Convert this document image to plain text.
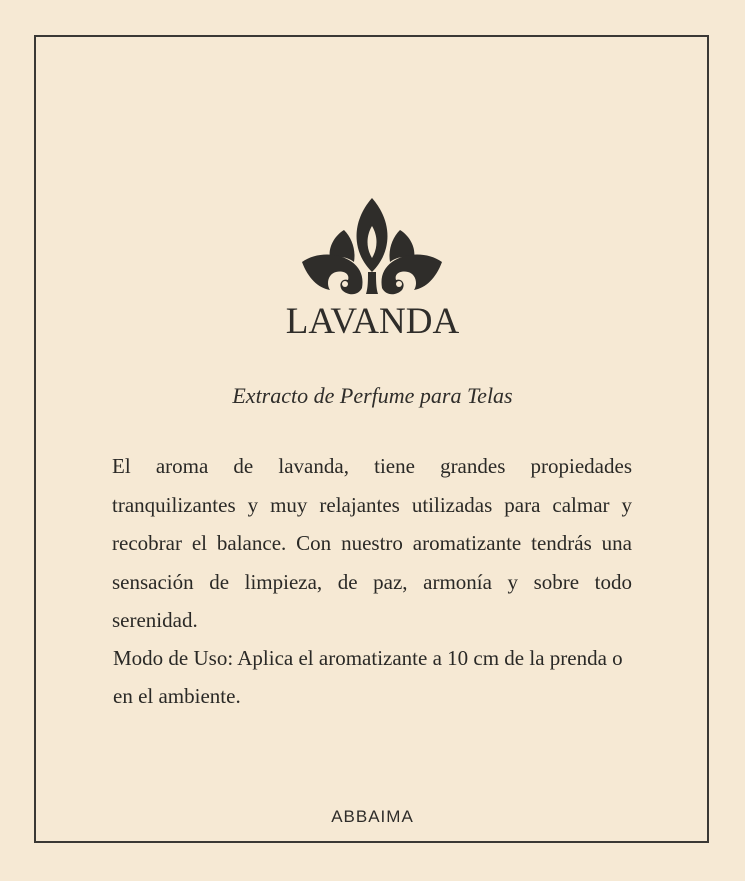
LAVANDA
Extracto de Perfume para Telas

El aroma de lavanda, tiene grandes propiedades tranquilizantes y muy relajantes utilizadas para calmar y recobrar el balance. Con nuestro aromatizante tendrás una sensación de limpieza, de paz, armonía y sobre todo serenidad.

Modo de Uso: Aplica el aromatizante a 10 cm de la prenda o en el ambiente.

ABBAIMA
